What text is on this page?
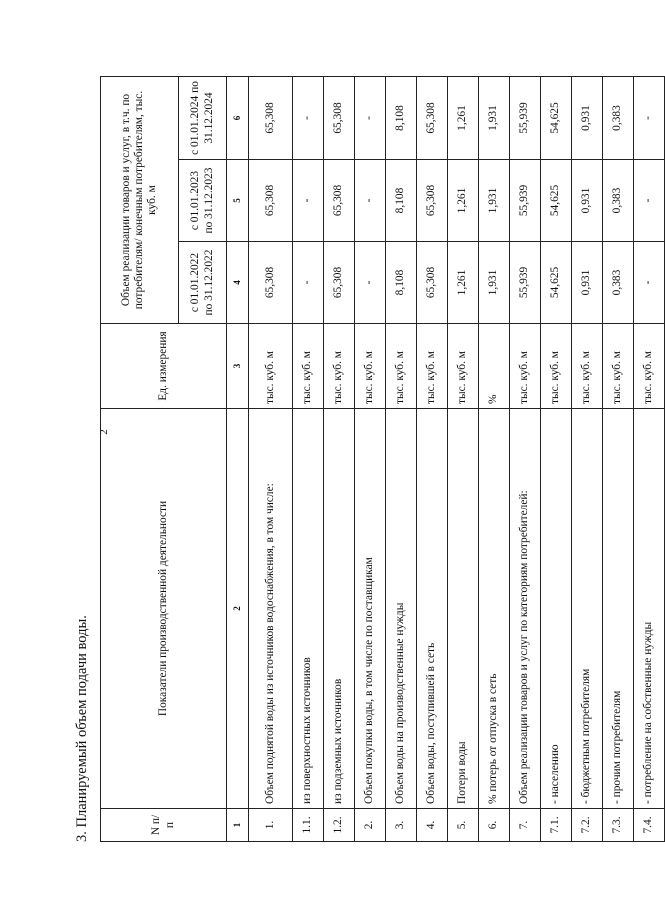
2
3. Планируемый объем подачи воды.	N п/п	Показатели производственной деятельности	Ед. измерения	Объем реализации товаров и услуг, в т.ч. по потребителям/ конечным потребителям, тыс. куб. м		
			с 01.01.2022 по 31.12.2022	с 01.01.2023 по 31.12.2023	с 01.01.2024 по 31.12.2024
1	2	3	4	5	6
1.	Объем поднятой воды из источников водоснабжения, в том числе:	тыс. куб. м	65,308	65,308	65,308
1.1.	из поверхностных источников	тыс. куб. м	-	-	-
1.2.	из подземных источников	тыс. куб. м	65,308	65,308	65,308
2.	Объем покупки воды, в том числе по поставщикам	тыс. куб. м	-	-	-
3.	Объем воды на производственные нужды	тыс. куб. м	8,108	8,108	8,108
4.	Объем воды, поступившей в сеть	тыс. куб. м	65,308	65,308	65,308
5.	Потери воды	тыс. куб. м	1,261	1,261	1,261
6.	% потерь от отпуска в сеть	%	1,931	1,931	1,931
7.	Объем реализации товаров и услуг по категориям потребителей:	тыс. куб. м	55,939	55,939	55,939
7.1.	- населению	тыс. куб. м	54,625	54,625	54,625
7.2.	- бюджетным потребителям	тыс. куб. м	0,931	0,931	0,931
7.3.	- прочим потребителям	тыс. куб. м	0,383	0,383	0,383
7.4.	- потребление на собственные нужды	тыс. куб. м	-	-	-
